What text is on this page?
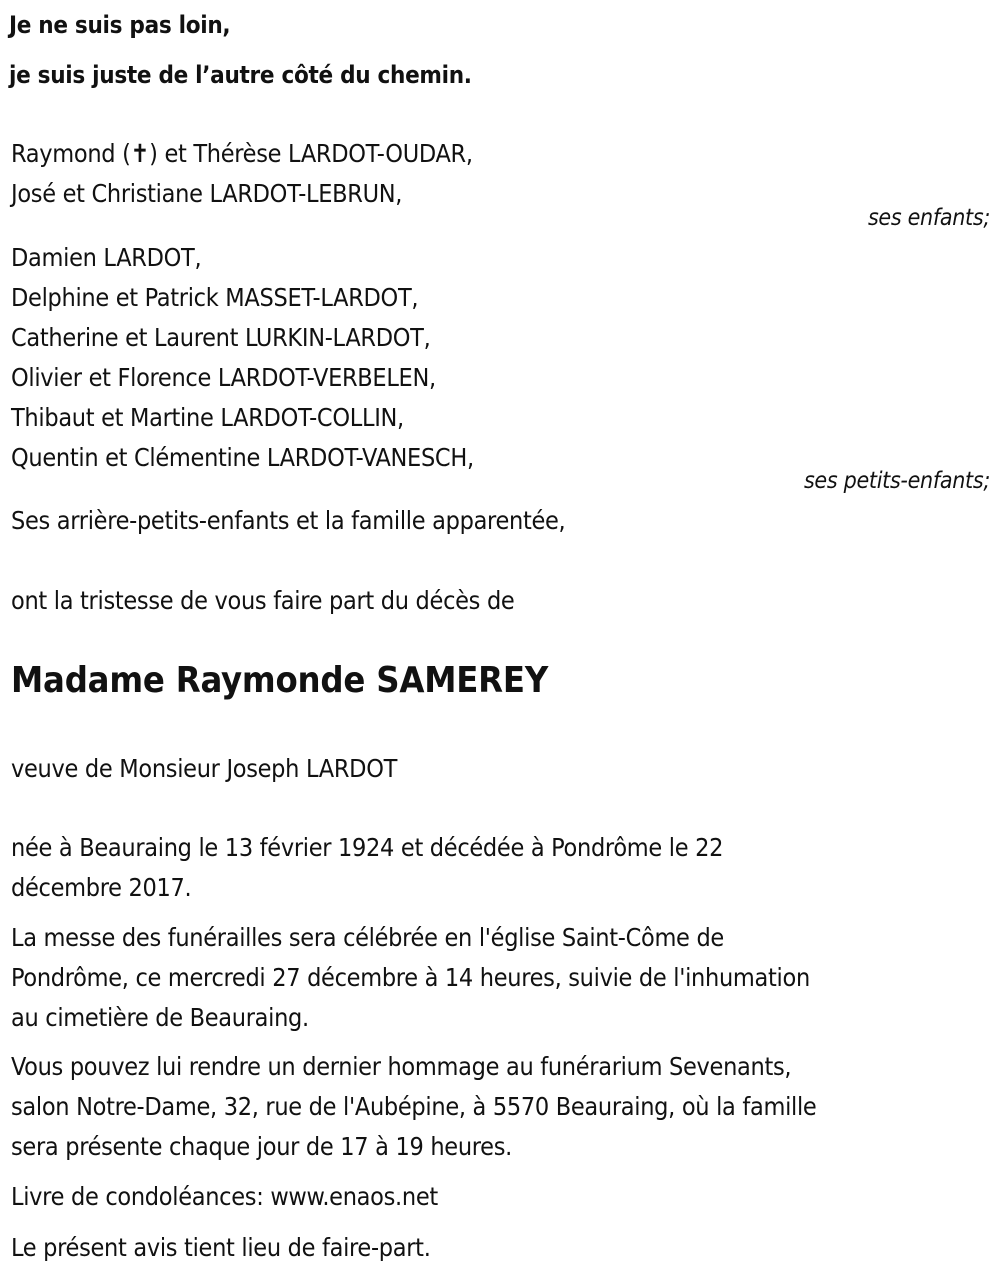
Je ne suis pas loin,
je suis juste de l’autre côté du chemin.
Raymond (✝) et Thérèse LARDOT-OUDAR,
José et Christiane LARDOT-LEBRUN,
ses enfants;
Damien LARDOT,
Delphine et Patrick MASSET-LARDOT,
Catherine et Laurent LURKIN-LARDOT,
Olivier et Florence LARDOT-VERBELEN,
Thibaut et Martine LARDOT-COLLIN,
Quentin et Clémentine LARDOT-VANESCH,
ses petits-enfants;
Ses arrière-petits-enfants et la famille apparentée,
ont la tristesse de vous faire part du décès de
Madame Raymonde SAMEREY
veuve de Monsieur Joseph LARDOT
née à Beauraing le 13 février 1924 et décédée à Pondrôme le 22
décembre 2017.
La messe des funérailles sera célébrée en l'église Saint-Côme de
Pondrôme, ce mercredi 27 décembre à 14 heures, suivie de l'inhumation
au cimetière de Beauraing.
Vous pouvez lui rendre un dernier hommage au funérarium Sevenants,
salon Notre-Dame, 32, rue de l'Aubépine, à 5570 Beauraing, où la famille
sera présente chaque jour de 17 à 19 heures.
Livre de condoléances: www.enaos.net
Le présent avis tient lieu de faire-part.
